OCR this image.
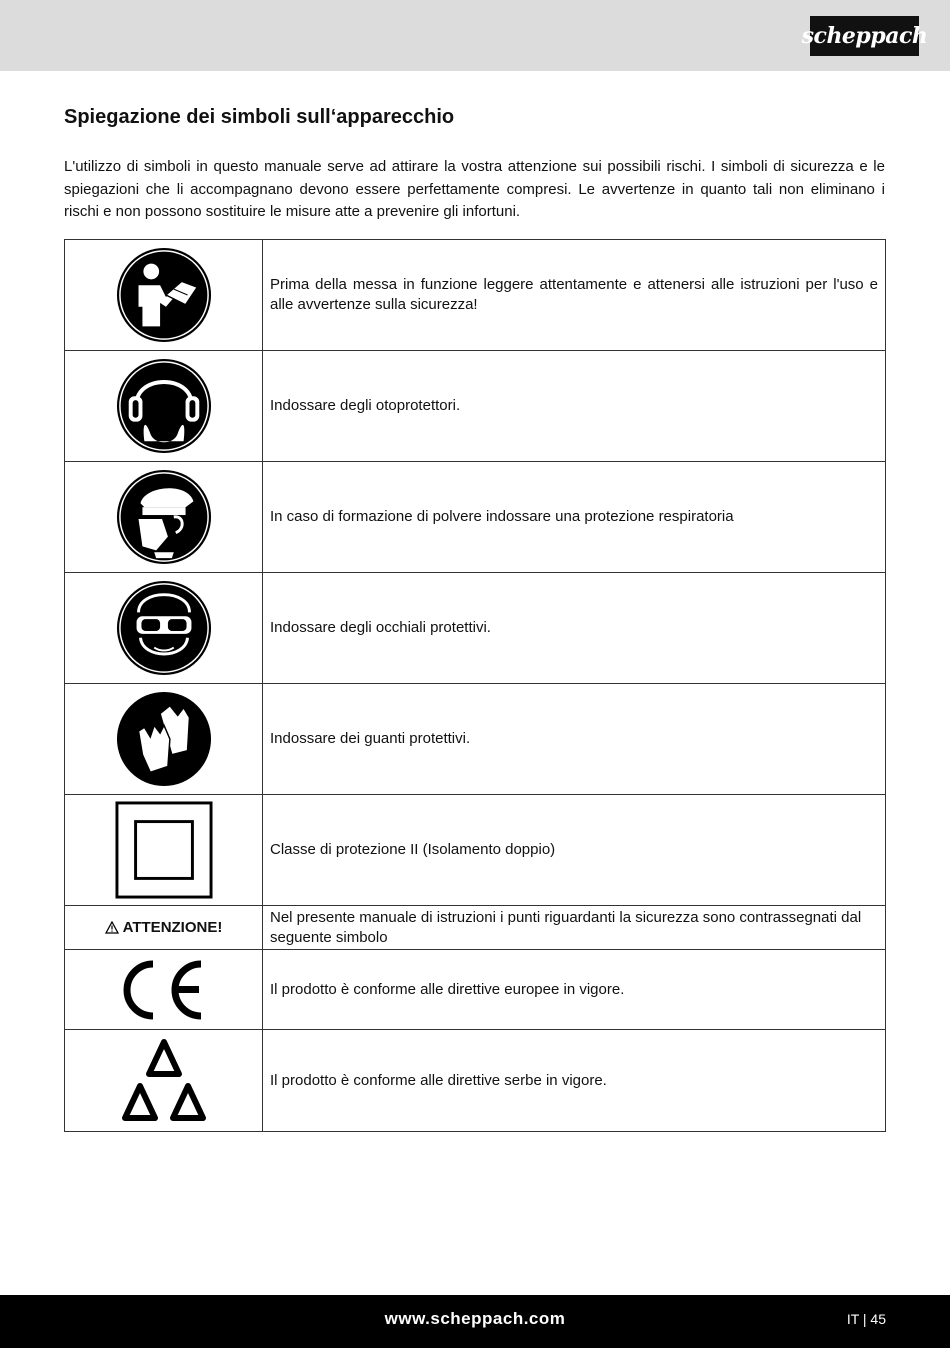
scheppach
Spiegazione dei simboli sull‘apparecchio

L'utilizzo di simboli in questo manuale serve ad attirare la vostra attenzione sui possibili rischi. I simboli di sicurezza e le spiegazioni che li accompagnano devono essere perfettamente compresi. Le avvertenze in quanto tali non eliminano i rischi e non possono sostituire le misure atte a prevenire gli infortuni.

	Prima della messa in funzione leggere attentamente e attenersi alle istruzioni per l'uso e alle avvertenze sulla sicurezza!

	Indossare degli otoprotettori.

	In caso di formazione di polvere indossare una protezione respiratoria

	Indossare degli occhiali protettivi.

	Indossare dei guanti protettivi.

	Classe di protezione II (Isolamento doppio)

ATTENZIONE!	Nel presente manuale di istruzioni i punti riguardanti la sicurezza sono contrassegnati dal seguente simbolo

	Il prodotto è conforme alle direttive europee in vigore.

	Il prodotto è conforme alle direttive serbe in vigore.
www.scheppach.com	IT | 45
